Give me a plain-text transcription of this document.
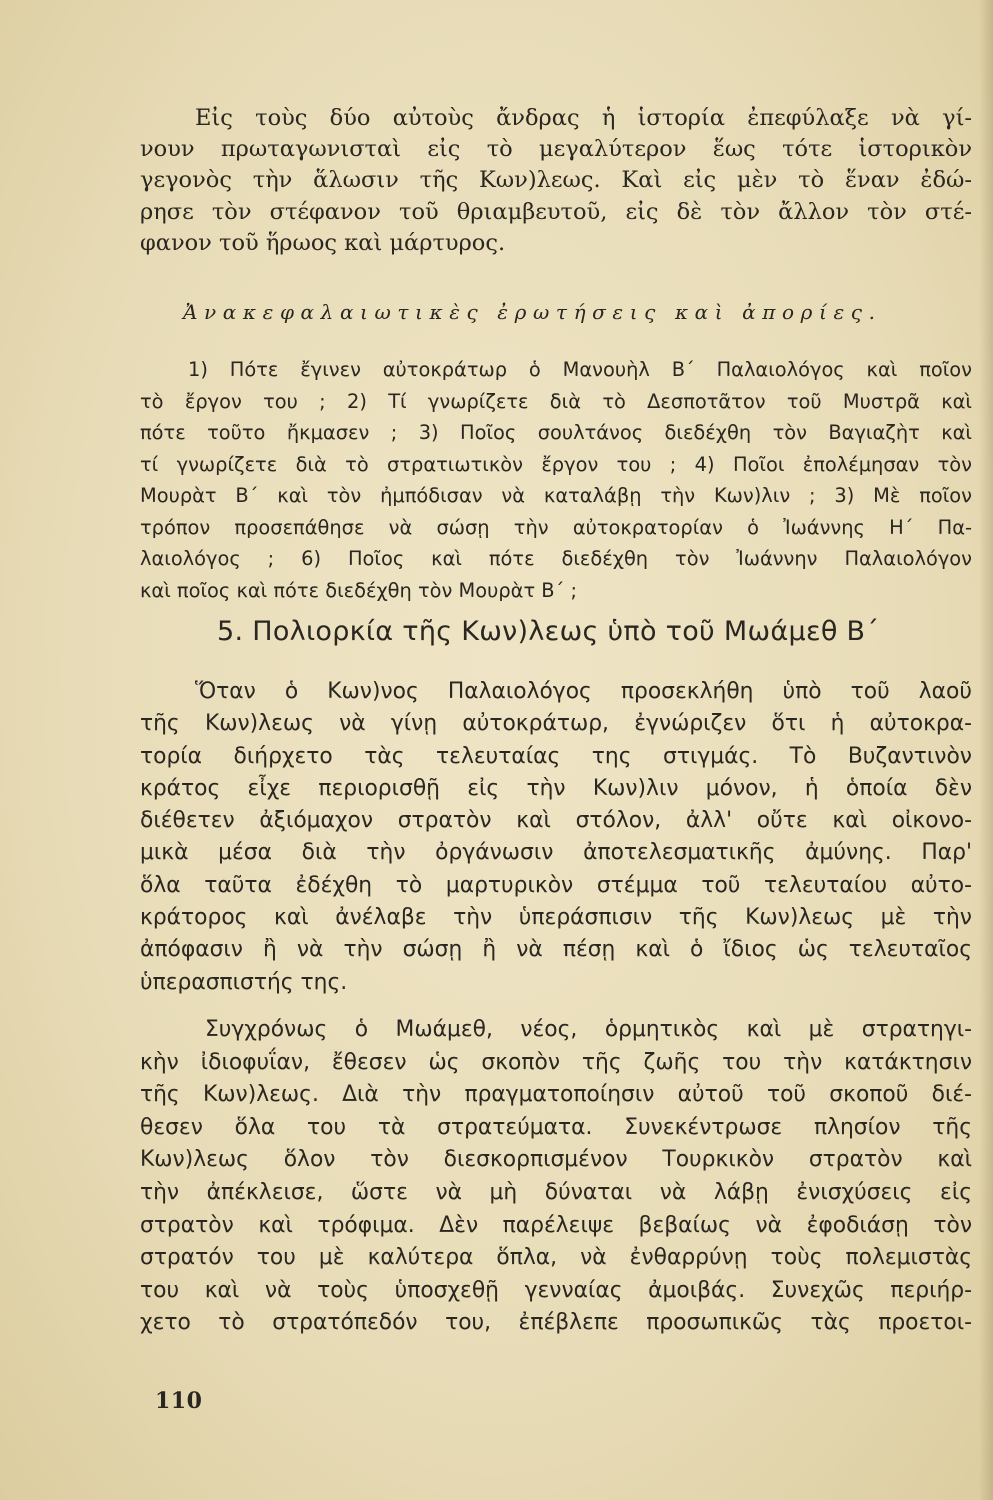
Εἰς τοὺς δύο αὐτοὺς ἄνδρας ἡ ἱστορία ἐπεφύλαξε νὰ γί-
νουν πρωταγωνισταὶ εἰς τὸ μεγαλύτερον ἕως τότε ἱστορικὸν
γεγονὸς τὴν ἅλωσιν τῆς Κων)λεως. Καὶ εἰς μὲν τὸ ἕναν ἐδώ-
ρησε τὸν στέφανον τοῦ θριαμβευτοῦ, εἰς δὲ τὸν ἄλλον τὸν στέ-
φανον τοῦ ἥρωος καὶ μάρτυρος.
Ἀνακεφαλαιωτικὲς ἐρωτήσεις καὶ ἀπορίες.
1) Πότε ἔγινεν αὐτοκράτωρ ὁ Μανουὴλ Β΄ Παλαιολόγος καὶ ποῖον
τὸ ἔργον του ; 2) Τί γνωρίζετε διὰ τὸ Δεσποτᾶτον τοῦ Μυστρᾶ καὶ
πότε τοῦτο ἤκμασεν ; 3) Ποῖος σουλτάνος διεδέχθη τὸν Βαγιαζὴτ καὶ
τί γνωρίζετε διὰ τὸ στρατιωτικὸν ἔργον του ; 4) Ποῖοι ἐπολέμησαν τὸν
Μουρὰτ Β΄ καὶ τὸν ἠμπόδισαν νὰ καταλάβῃ τὴν Κων)λιν ; 3) Μὲ ποῖον
τρόπον προσεπάθησε νὰ σώσῃ τὴν αὐτοκρατορίαν ὁ Ἰωάννης Η΄ Πα-
λαιολόγος ; 6) Ποῖος καὶ πότε διεδέχθη τὸν Ἰωάννην Παλαιολόγον
καὶ ποῖος καὶ πότε διεδέχθη τὸν Μουρὰτ Β΄ ;
5. Πολιορκία τῆς Κων)λεως ὑπὸ τοῦ Μωάμεθ Β΄
Ὅταν ὁ Κων)νος Παλαιολόγος προσεκλήθη ὑπὸ τοῦ λαοῦ
τῆς Κων)λεως νὰ γίνῃ αὐτοκράτωρ, ἐγνώριζεν ὅτι ἡ αὐτοκρα-
τορία διήρχετο τὰς τελευταίας της στιγμάς. Τὸ Βυζαντινὸν
κράτος εἶχε περιορισθῇ εἰς τὴν Κων)λιν μόνον, ἡ ὁποία δὲν
διέθετεν ἀξιόμαχον στρατὸν καὶ στόλον, ἀλλ' οὔτε καὶ οἰκονο-
μικὰ μέσα διὰ τὴν ὀργάνωσιν ἀποτελεσματικῆς ἀμύνης. Παρ'
ὅλα ταῦτα ἐδέχθη τὸ μαρτυρικὸν στέμμα τοῦ τελευταίου αὐτο-
κράτορος καὶ ἀνέλαβε τὴν ὑπεράσπισιν τῆς Κων)λεως μὲ τὴν
ἀπόφασιν ἢ νὰ τὴν σώσῃ ἢ νὰ πέσῃ καὶ ὁ ἴδιος ὡς τελευταῖος
ὑπερασπιστής της.
Συγχρόνως ὁ Μωάμεθ, νέος, ὁρμητικὸς καὶ μὲ στρατηγι-
κὴν ἰδιοφυΐαν, ἔθεσεν ὡς σκοπὸν τῆς ζωῆς του τὴν κατάκτησιν
τῆς Κων)λεως. Διὰ τὴν πραγματοποίησιν αὐτοῦ τοῦ σκοποῦ διέ-
θεσεν ὅλα του τὰ στρατεύματα. Συνεκέντρωσε πλησίον τῆς
Κων)λεως ὅλον τὸν διεσκορπισμένον Τουρκικὸν στρατὸν καὶ
τὴν ἀπέκλεισε, ὥστε νὰ μὴ δύναται νὰ λάβῃ ἐνισχύσεις εἰς
στρατὸν καὶ τρόφιμα. Δὲν παρέλειψε βεβαίως νὰ ἐφοδιάσῃ τὸν
στρατόν του μὲ καλύτερα ὅπλα, νὰ ἐνθαρρύνῃ τοὺς πολεμιστὰς
του καὶ νὰ τοὺς ὑποσχεθῇ γενναίας ἀμοιβάς. Συνεχῶς περιήρ-
χετο τὸ στρατόπεδόν του, ἐπέβλεπε προσωπικῶς τὰς προετοι-
110
